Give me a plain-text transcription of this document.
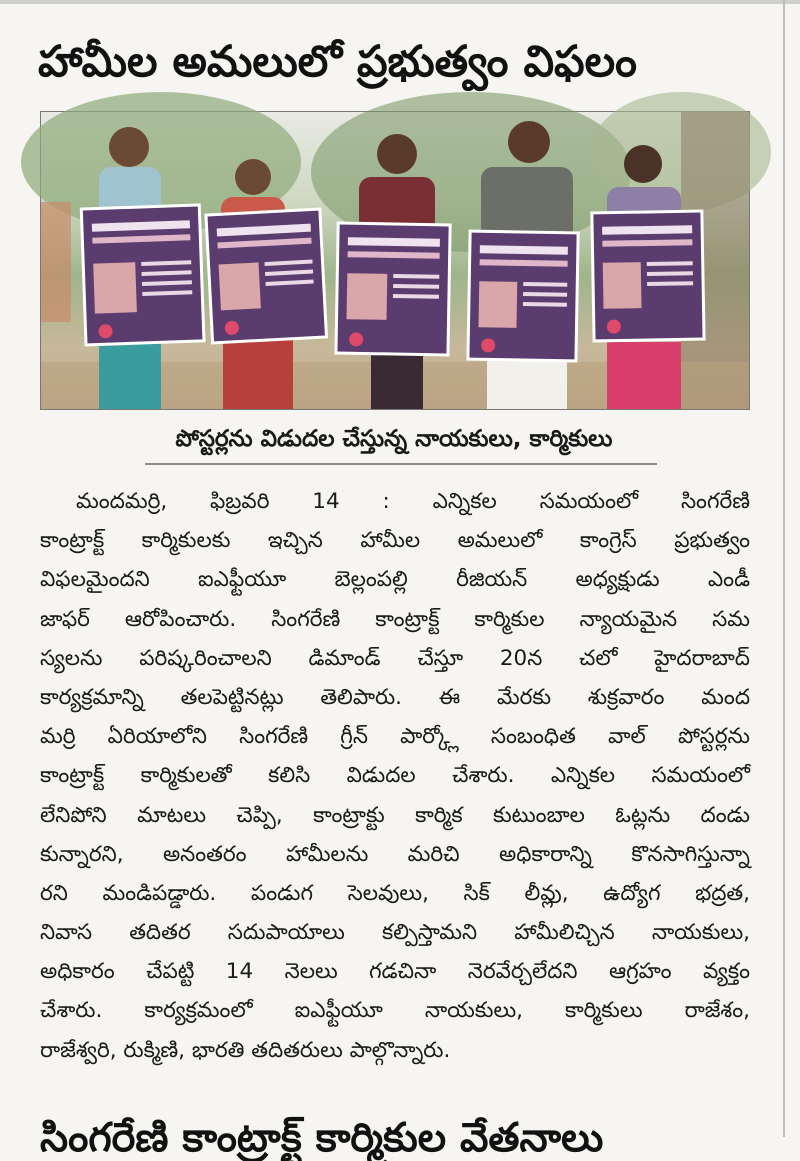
హామీల అమలులో ప్రభుత్వం విఫలం
పోస్టర్లను విడుదల చేస్తున్న నాయకులు, కార్మికులు
మందమర్రి, ఫిబ్రవరి 14 : ఎన్నికల సమయంలో సింగరేణి
కాంట్రాక్ట్ కార్మికులకు ఇచ్చిన హామీల అమలులో కాంగ్రెస్ ప్రభుత్వం
విఫలమైందని ఐఎఫ్టీయూ బెల్లంపల్లి రీజియన్ అధ్యక్షుడు ఎండీ
జాఫర్ ఆరోపించారు. సింగరేణి కాంట్రాక్ట్ కార్మికుల న్యాయమైన సమ
స్యలను పరిష్కరించాలని డిమాండ్ చేస్తూ 20న చలో హైదరాబాద్
కార్యక్రమాన్ని తలపెట్టినట్లు తెలిపారు. ఈ మేరకు శుక్రవారం మంద
మర్రి ఏరియాలోని సింగరేణి గ్రీన్ పార్క్లో సంబంధిత వాల్ పోస్టర్లను
కాంట్రాక్ట్ కార్మికులతో కలిసి విడుదల చేశారు. ఎన్నికల సమయంలో
లేనిపోని మాటలు చెప్పి, కాంట్రాక్టు కార్మిక కుటుంబాల ఓట్లను దండు
కున్నారని, అనంతరం హామీలను మరిచి అధికారాన్ని కొనసాగిస్తున్నా
రని మండిపడ్డారు. పండుగ సెలవులు, సిక్ లీవ్లు, ఉద్యోగ భద్రత,
నివాస తదితర సదుపాయాలు కల్పిస్తామని హామీలిచ్చిన నాయకులు,
అధికారం చేపట్టి 14 నెలలు గడచినా నెరవేర్చలేదని ఆగ్రహం వ్యక్తం
చేశారు. కార్యక్రమంలో ఐఎఫ్టీయూ నాయకులు, కార్మికులు రాజేశం,
రాజేశ్వరి, రుక్మిణి, భారతి తదితరులు పాల్గొన్నారు.
సింగరేణి కాంట్రాక్ట్ కార్మికుల వేతనాలు
